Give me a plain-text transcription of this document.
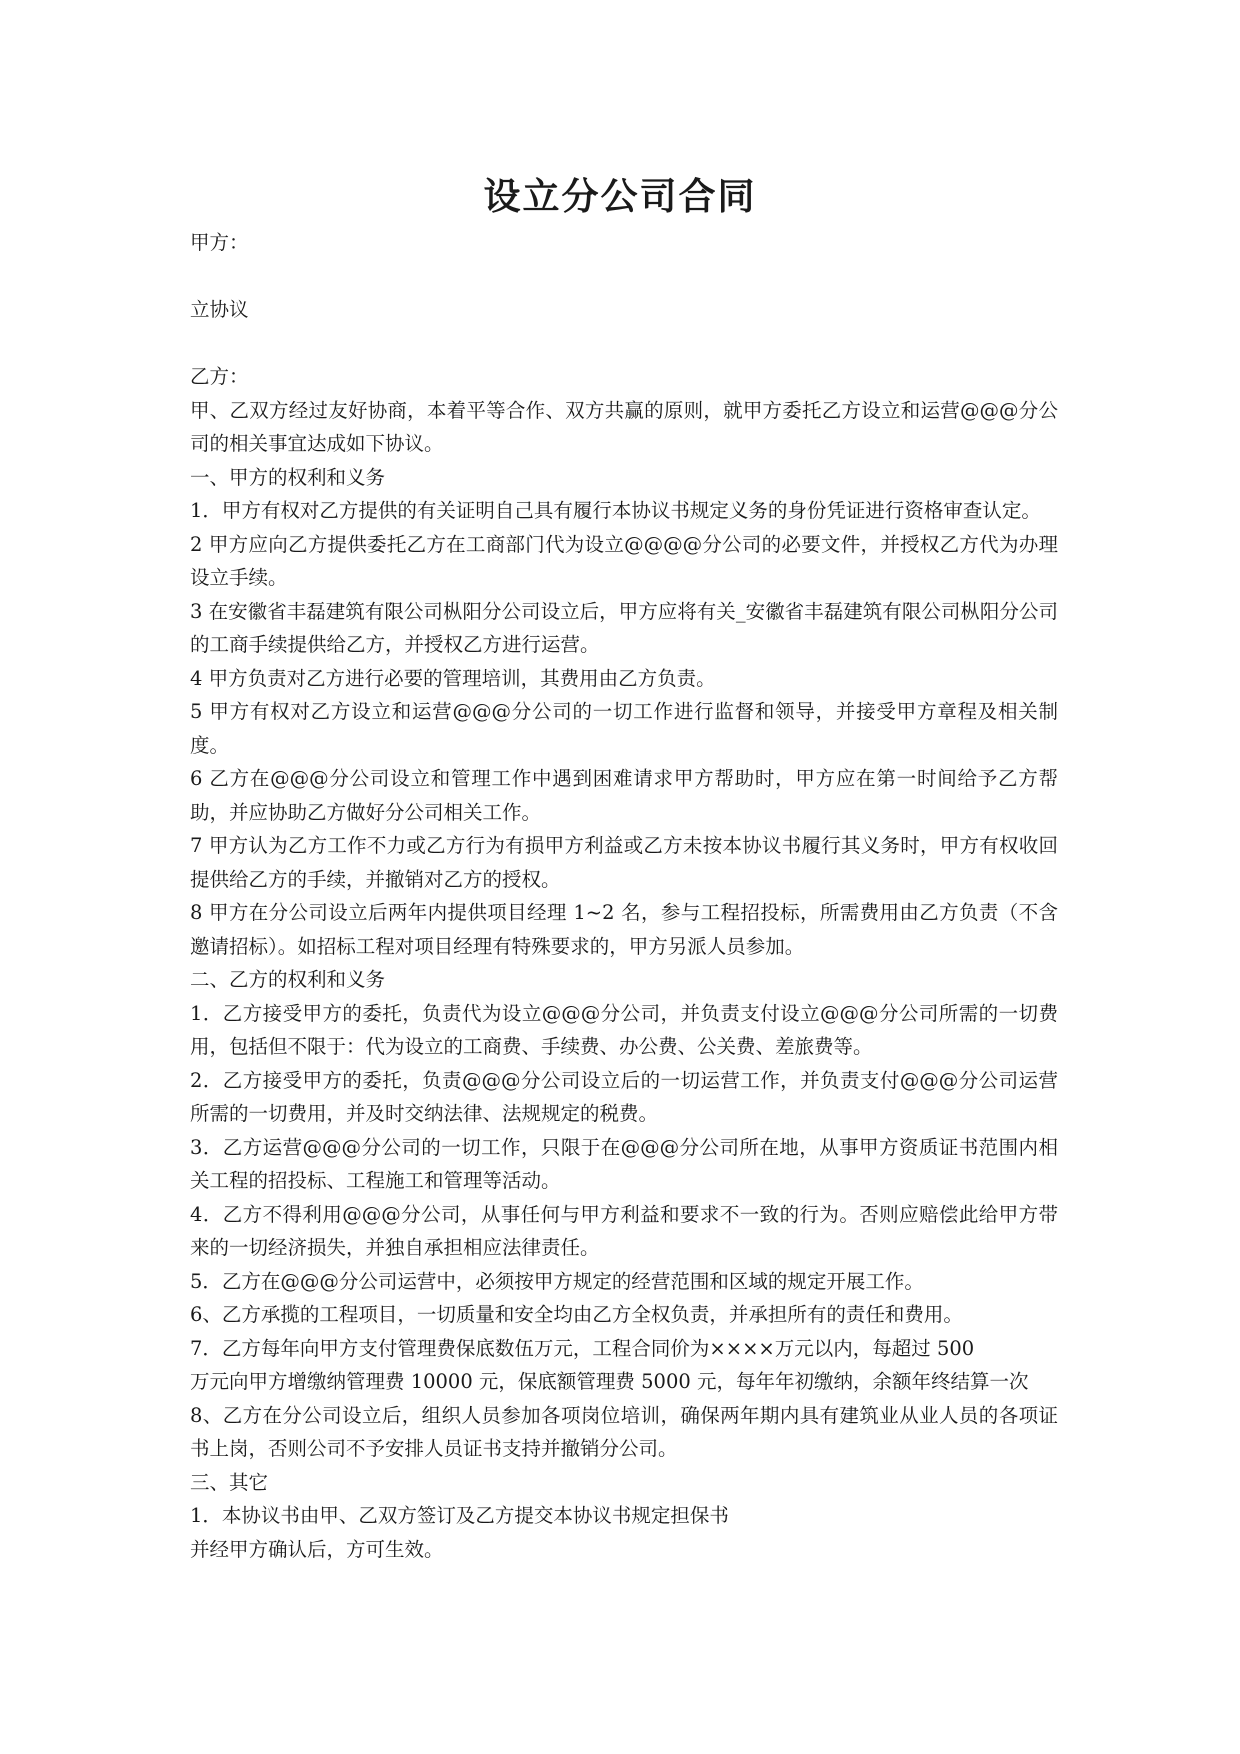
设立分公司合同

甲方：

立协议

乙方：

甲、乙双方经过友好协商，本着平等合作、双方共赢的原则，就甲方委托乙方设立和运营@@@分公司的相关事宜达成如下协议。

一、甲方的权利和义务

1．甲方有权对乙方提供的有关证明自己具有履行本协议书规定义务的身份凭证进行资格审查认定。

2 甲方应向乙方提供委托乙方在工商部门代为设立@@@@分公司的必要文件，并授权乙方代为办理设立手续。

3 在安徽省丰磊建筑有限公司枞阳分公司设立后，甲方应将有关_安徽省丰磊建筑有限公司枞阳分公司的工商手续提供给乙方，并授权乙方进行运营。

4 甲方负责对乙方进行必要的管理培训，其费用由乙方负责。

5 甲方有权对乙方设立和运营@@@分公司的一切工作进行监督和领导，并接受甲方章程及相关制度。

6 乙方在@@@分公司设立和管理工作中遇到困难请求甲方帮助时，甲方应在第一时间给予乙方帮助，并应协助乙方做好分公司相关工作。

7 甲方认为乙方工作不力或乙方行为有损甲方利益或乙方未按本协议书履行其义务时，甲方有权收回提供给乙方的手续，并撤销对乙方的授权。

8 甲方在分公司设立后两年内提供项目经理 1~2 名，参与工程招投标，所需费用由乙方负责（不含邀请招标）。如招标工程对项目经理有特殊要求的，甲方另派人员参加。

二、乙方的权利和义务

1．乙方接受甲方的委托，负责代为设立@@@分公司，并负责支付设立@@@分公司所需的一切费用，包括但不限于：代为设立的工商费、手续费、办公费、公关费、差旅费等。

2．乙方接受甲方的委托，负责@@@分公司设立后的一切运营工作，并负责支付@@@分公司运营所需的一切费用，并及时交纳法律、法规规定的税费。

3．乙方运营@@@分公司的一切工作，只限于在@@@分公司所在地，从事甲方资质证书范围内相关工程的招投标、工程施工和管理等活动。

4．乙方不得利用@@@分公司，从事任何与甲方利益和要求不一致的行为。否则应赔偿此给甲方带来的一切经济损失，并独自承担相应法律责任。

5．乙方在@@@分公司运营中，必须按甲方规定的经营范围和区域的规定开展工作。

6、乙方承揽的工程项目，一切质量和安全均由乙方全权负责，并承担所有的责任和费用。

7．乙方每年向甲方支付管理费保底数伍万元，工程合同价为××××万元以内，每超过 500

万元向甲方增缴纳管理费 10000 元，保底额管理费 5000 元，每年年初缴纳，余额年终结算一次

8、乙方在分公司设立后，组织人员参加各项岗位培训，确保两年期内具有建筑业从业人员的各项证书上岗，否则公司不予安排人员证书支持并撤销分公司。

三、其它

1．本协议书由甲、乙双方签订及乙方提交本协议书规定担保书

并经甲方确认后，方可生效。
